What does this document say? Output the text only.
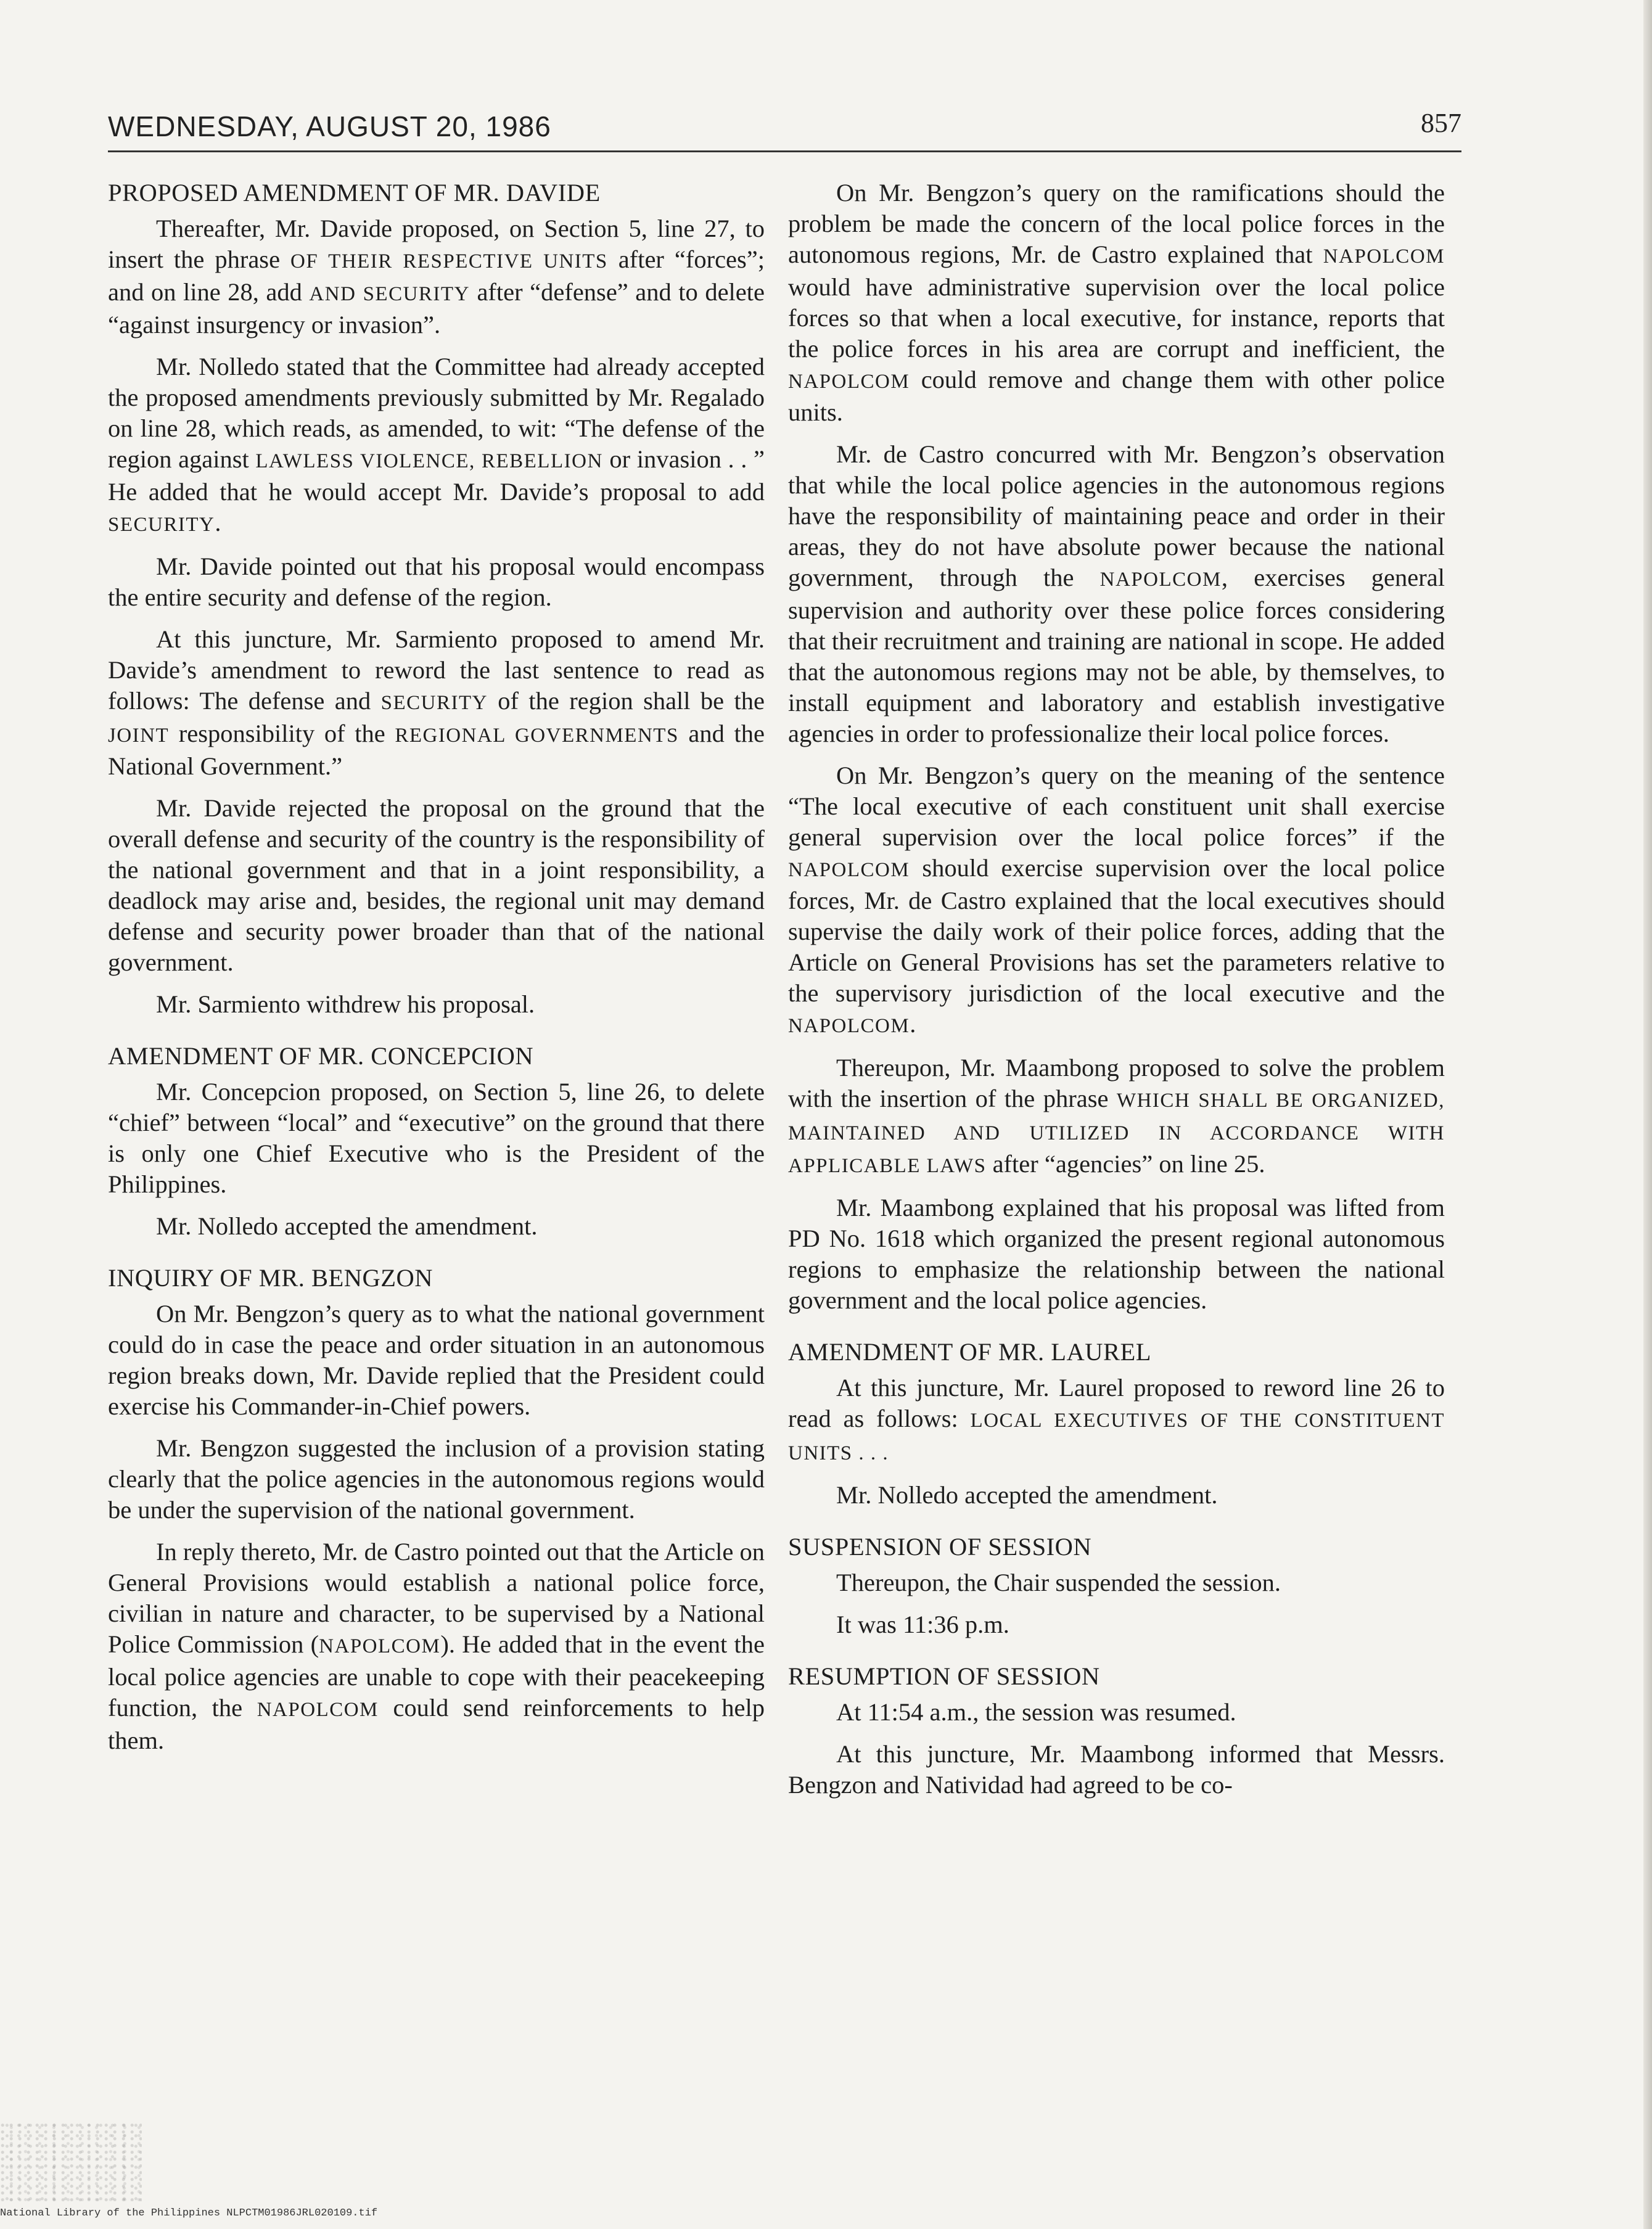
WEDNESDAY, AUGUST 20, 1986	857
PROPOSED AMENDMENT OF MR. DAVIDE

Thereafter, Mr. Davide proposed, on Section 5, line 27, to insert the phrase OF THEIR RESPECTIVE UNITS after “forces”; and on line 28, add AND SECURITY after “defense” and to delete “against insurgency or invasion”.

Mr. Nolledo stated that the Committee had already accepted the proposed amendments previously submitted by Mr. Regalado on line 28, which reads, as amended, to wit: “The defense of the region against LAWLESS VIOLENCE, REBELLION or invasion . . ” He added that he would accept Mr. Davide’s proposal to add SECURITY.

Mr. Davide pointed out that his proposal would encompass the entire security and defense of the region.

At this juncture, Mr. Sarmiento proposed to amend Mr. Davide’s amendment to reword the last sentence to read as follows: The defense and SECURITY of the region shall be the JOINT responsibility of the REGIONAL GOVERNMENTS and the National Government.”

Mr. Davide rejected the proposal on the ground that the overall defense and security of the country is the responsibility of the national government and that in a joint responsibility, a deadlock may arise and, besides, the regional unit may demand defense and security power broader than that of the national government.

Mr. Sarmiento withdrew his proposal.

AMENDMENT OF MR. CONCEPCION

Mr. Concepcion proposed, on Section 5, line 26, to delete “chief” between “local” and “executive” on the ground that there is only one Chief Executive who is the President of the Philippines.

Mr. Nolledo accepted the amendment.

INQUIRY OF MR. BENGZON

On Mr. Bengzon’s query as to what the national government could do in case the peace and order situation in an autonomous region breaks down, Mr. Davide replied that the President could exercise his Commander-in-Chief powers.

Mr. Bengzon suggested the inclusion of a provision stating clearly that the police agencies in the autonomous regions would be under the supervision of the national government.

In reply thereto, Mr. de Castro pointed out that the Article on General Provisions would establish a national police force, civilian in nature and character, to be supervised by a National Police Commission (NAPOLCOM). He added that in the event the local police agencies are unable to cope with their peacekeeping function, the NAPOLCOM could send reinforcements to help them.

On Mr. Bengzon’s query on the ramifications should the problem be made the concern of the local police forces in the autonomous regions, Mr. de Castro explained that NAPOLCOM would have administrative supervision over the local police forces so that when a local executive, for instance, reports that the police forces in his area are corrupt and inefficient, the NAPOLCOM could remove and change them with other police units.

Mr. de Castro concurred with Mr. Bengzon’s observation that while the local police agencies in the autonomous regions have the responsibility of maintaining peace and order in their areas, they do not have absolute power because the national government, through the NAPOLCOM, exercises general supervision and authority over these police forces considering that their recruitment and training are national in scope. He added that the autonomous regions may not be able, by themselves, to install equipment and laboratory and establish investigative agencies in order to professionalize their local police forces.

On Mr. Bengzon’s query on the meaning of the sentence “The local executive of each constituent unit shall exercise general supervision over the local police forces” if the NAPOLCOM should exercise supervision over the local police forces, Mr. de Castro explained that the local executives should supervise the daily work of their police forces, adding that the Article on General Provisions has set the parameters relative to the supervisory jurisdiction of the local executive and the NAPOLCOM.

Thereupon, Mr. Maambong proposed to solve the problem with the insertion of the phrase WHICH SHALL BE ORGANIZED, MAINTAINED AND UTILIZED IN ACCORDANCE WITH APPLICABLE LAWS after “agencies” on line 25.

Mr. Maambong explained that his proposal was lifted from PD No. 1618 which organized the present regional autonomous regions to emphasize the relationship between the national government and the local police agencies.

AMENDMENT OF MR. LAUREL

At this juncture, Mr. Laurel proposed to reword line 26 to read as follows: LOCAL EXECUTIVES OF THE CONSTITUENT UNITS . . .

Mr. Nolledo accepted the amendment.

SUSPENSION OF SESSION

Thereupon, the Chair suspended the session.

It was 11:36 p.m.

RESUMPTION OF SESSION

At 11:54 a.m., the session was resumed.

At this juncture, Mr. Maambong informed that Messrs. Bengzon and Natividad had agreed to be co-

National Library of the Philippines NLPCTM01986JRL020109.tif
